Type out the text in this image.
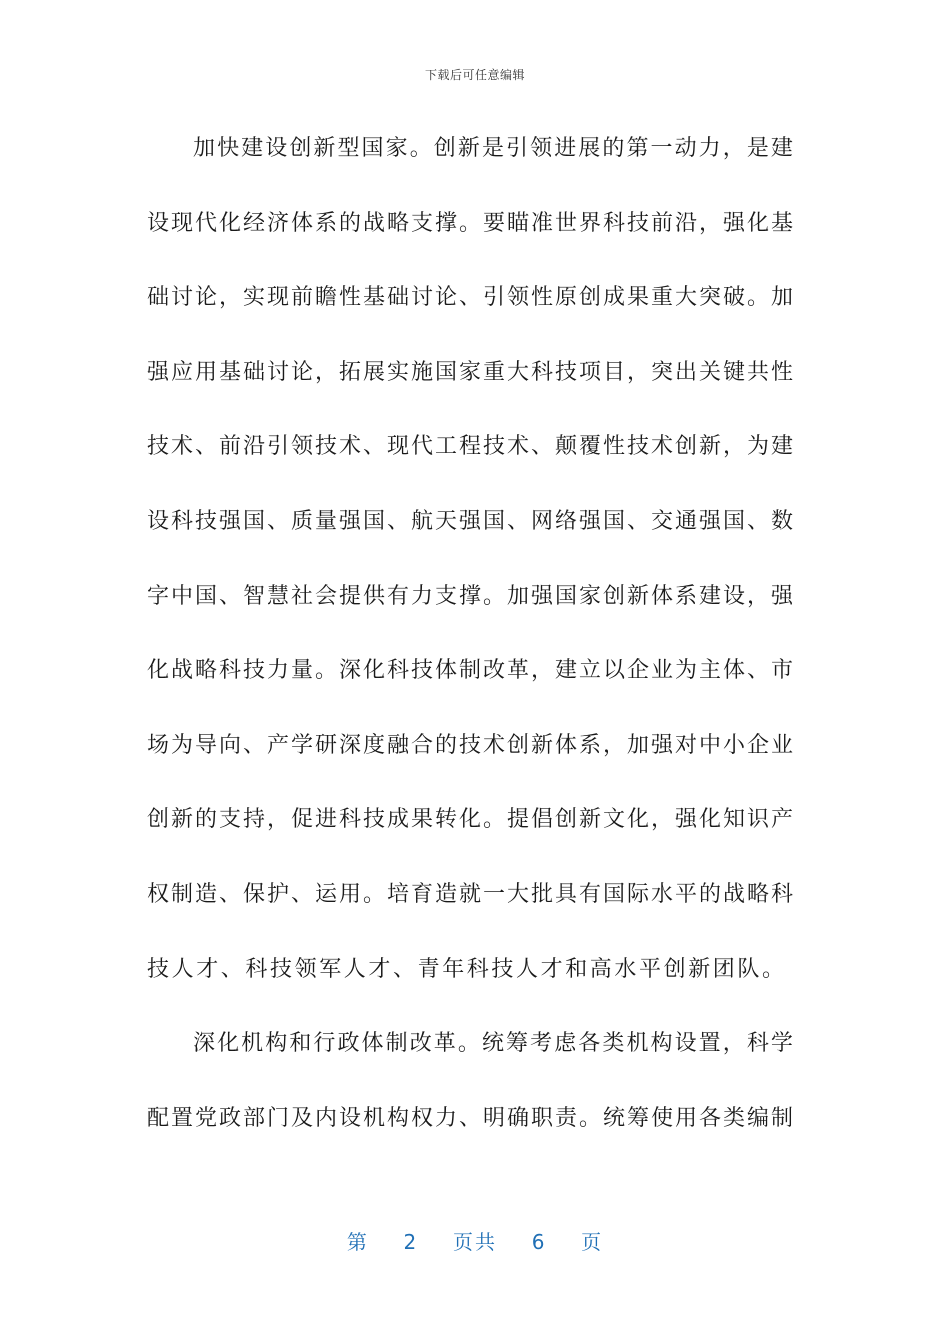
下载后可任意编辑
加快建设创新型国家。创新是引领进展的第一动力，是建
设现代化经济体系的战略支撑。要瞄准世界科技前沿，强化基
础讨论，实现前瞻性基础讨论、引领性原创成果重大突破。加
强应用基础讨论，拓展实施国家重大科技项目，突出关键共性
技术、前沿引领技术、现代工程技术、颠覆性技术创新，为建
设科技强国、质量强国、航天强国、网络强国、交通强国、数
字中国、智慧社会提供有力支撑。加强国家创新体系建设，强
化战略科技力量。深化科技体制改革，建立以企业为主体、市
场为导向、产学研深度融合的技术创新体系，加强对中小企业
创新的支持，促进科技成果转化。提倡创新文化，强化知识产
权制造、保护、运用。培育造就一大批具有国际水平的战略科
技人才、科技领军人才、青年科技人才和高水平创新团队。
深化机构和行政体制改革。统筹考虑各类机构设置，科学
配置党政部门及内设机构权力、明确职责。统筹使用各类编制
第 2 页共 6 页
